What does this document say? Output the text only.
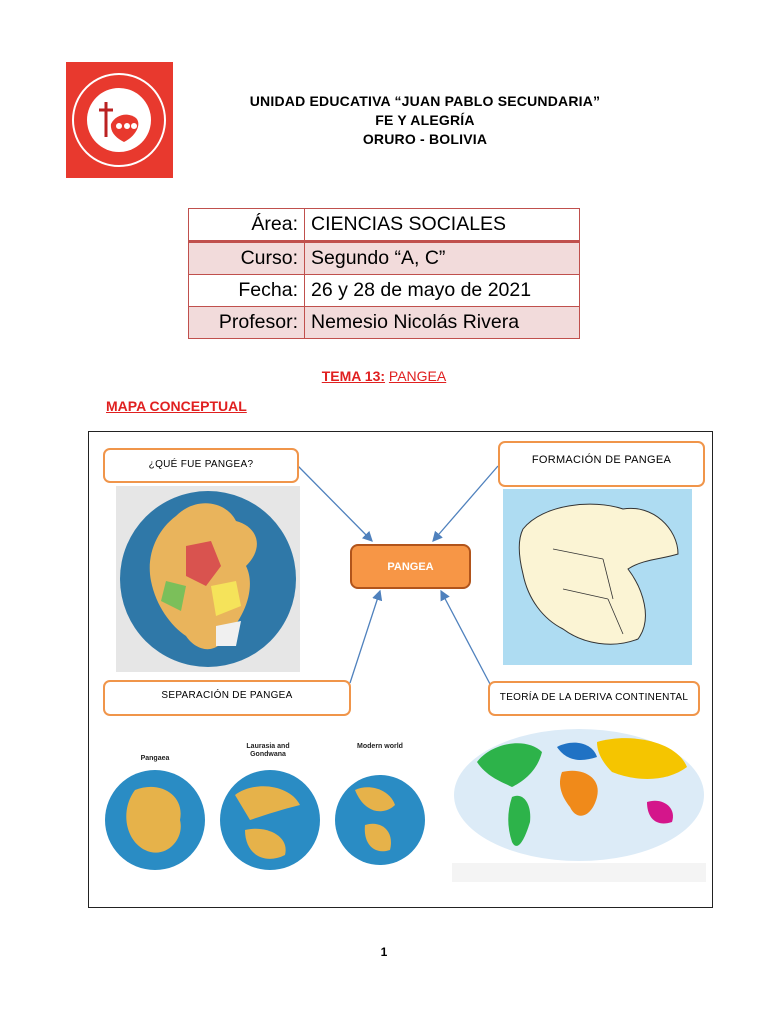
UNIDAD EDUCATIVA “JUAN PABLO SECUNDARIA”
FE Y ALEGRÍA
ORURO - BOLIVIA
Área:	CIENCIAS SOCIALES
Curso:	Segundo “A, C”
Fecha:	26 y 28 de mayo de 2021
Profesor:	Nemesio Nicolás Rivera
TEMA 13: PANGEA
MAPA CONCEPTUAL
¿QUÉ FUE PANGEA?	FORMACIÓN DE PANGEA
SEPARACIÓN DE PANGEA	TEORÍA DE LA DERIVA CONTINENTAL
PANGEA
Pangaea
Laurasia and Gondwana
Modern world
1
